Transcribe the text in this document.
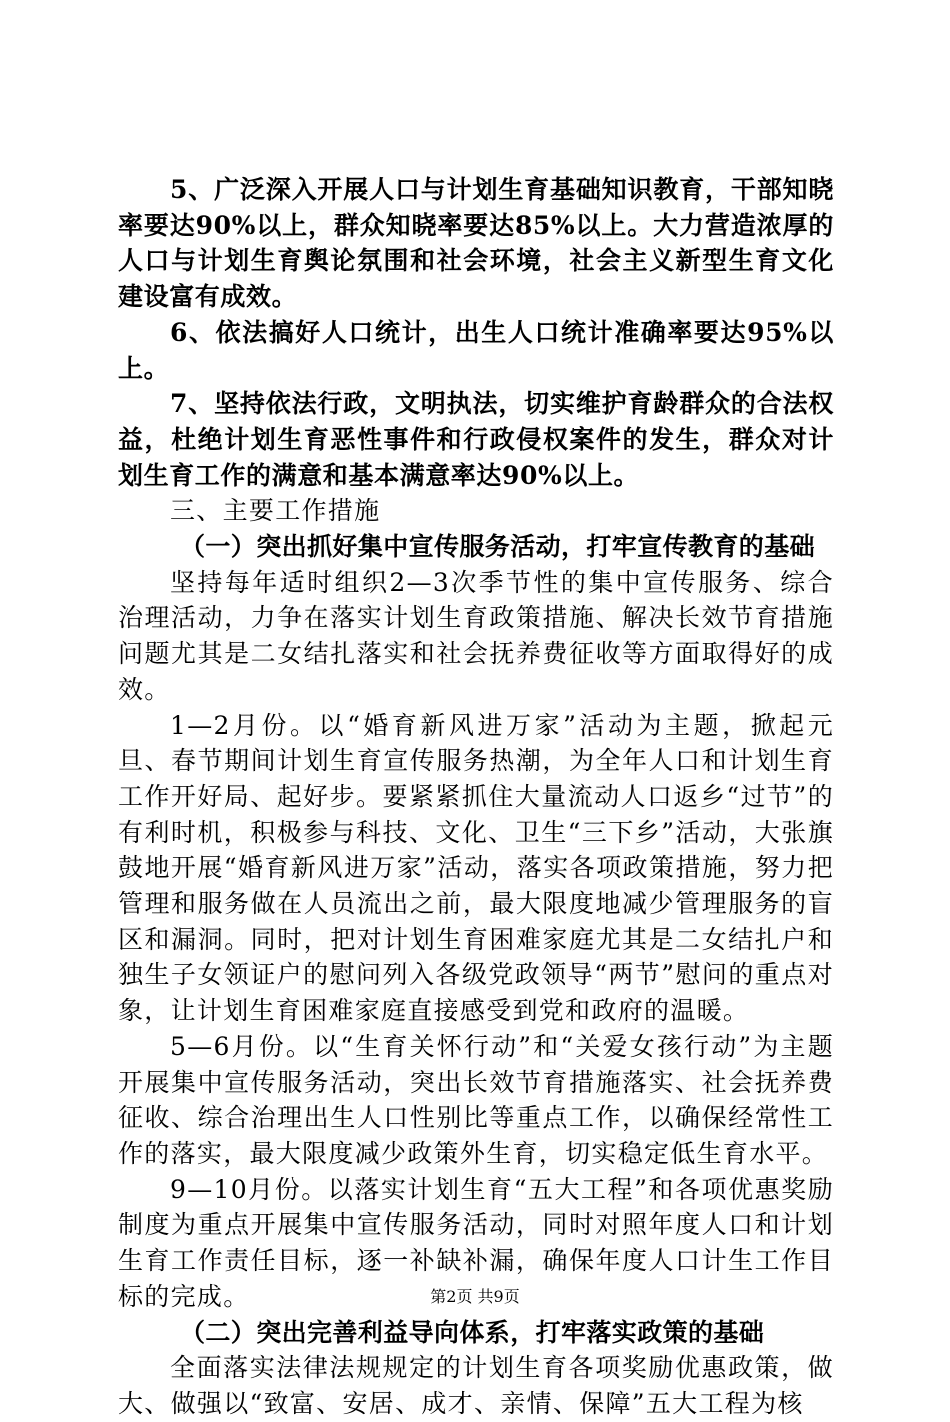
5、广泛深入开展人口与计划生育基础知识教育，干部知晓率要达90%以上，群众知晓率要达85%以上。大力营造浓厚的人口与计划生育舆论氛围和社会环境，社会主义新型生育文化建设富有成效。

6、依法搞好人口统计，出生人口统计准确率要达95%以上。

7、坚持依法行政，文明执法，切实维护育龄群众的合法权益，杜绝计划生育恶性事件和行政侵权案件的发生，群众对计划生育工作的满意和基本满意率达90%以上。

三、主要工作措施

（一）突出抓好集中宣传服务活动，打牢宣传教育的基础

坚持每年适时组织2—3次季节性的集中宣传服务、综合治理活动，力争在落实计划生育政策措施、解决长效节育措施问题尤其是二女结扎落实和社会抚养费征收等方面取得好的成效。

1—2月份。以“婚育新风进万家”活动为主题，掀起元旦、春节期间计划生育宣传服务热潮，为全年人口和计划生育工作开好局、起好步。要紧紧抓住大量流动人口返乡“过节”的有利时机，积极参与科技、文化、卫生“三下乡”活动，大张旗鼓地开展“婚育新风进万家”活动，落实各项政策措施，努力把管理和服务做在人员流出之前，最大限度地减少管理服务的盲区和漏洞。同时，把对计划生育困难家庭尤其是二女结扎户和独生子女领证户的慰问列入各级党政领导“两节”慰问的重点对象，让计划生育困难家庭直接感受到党和政府的温暖。

5—6月份。以“生育关怀行动”和“关爱女孩行动”为主题开展集中宣传服务活动，突出长效节育措施落实、社会抚养费征收、综合治理出生人口性别比等重点工作，以确保经常性工作的落实，最大限度减少政策外生育，切实稳定低生育水平。

9—10月份。以落实计划生育“五大工程”和各项优惠奖励制度为重点开展集中宣传服务活动，同时对照年度人口和计划生育工作责任目标，逐一补缺补漏，确保年度人口计生工作目标的完成。

（二）突出完善利益导向体系，打牢落实政策的基础

全面落实法律法规规定的计划生育各项奖励优惠政策，做大、做强以“致富、安居、成才、亲情、保障”五大工程为核

第2页 共9页
